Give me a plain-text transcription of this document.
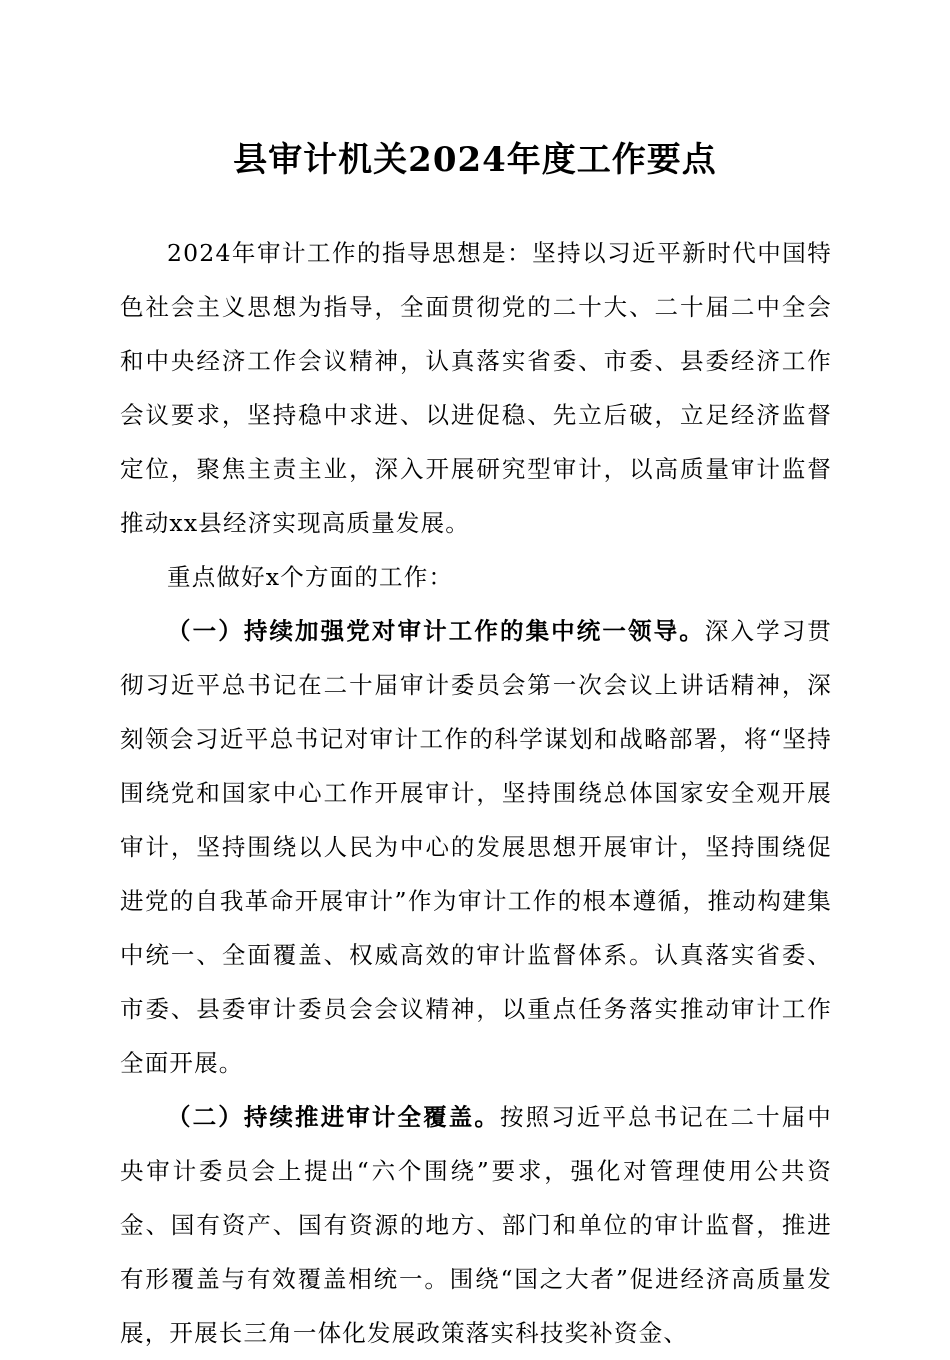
县审计机关2024年度工作要点

2024年审计工作的指导思想是：坚持以习近平新时代中国特色社会主义思想为指导，全面贯彻党的二十大、二十届二中全会和中央经济工作会议精神，认真落实省委、市委、县委经济工作会议要求，坚持稳中求进、以进促稳、先立后破，立足经济监督定位，聚焦主责主业，深入开展研究型审计，以高质量审计监督推动xx县经济实现高质量发展。

重点做好x个方面的工作：

（一）持续加强党对审计工作的集中统一领导。深入学习贯彻习近平总书记在二十届审计委员会第一次会议上讲话精神，深刻领会习近平总书记对审计工作的科学谋划和战略部署，将“坚持围绕党和国家中心工作开展审计，坚持围绕总体国家安全观开展审计，坚持围绕以人民为中心的发展思想开展审计，坚持围绕促进党的自我革命开展审计”作为审计工作的根本遵循，推动构建集中统一、全面覆盖、权威高效的审计监督体系。认真落实省委、市委、县委审计委员会会议精神，以重点任务落实推动审计工作全面开展。

（二）持续推进审计全覆盖。按照习近平总书记在二十届中央审计委员会上提出“六个围绕”要求，强化对管理使用公共资金、国有资产、国有资源的地方、部门和单位的审计监督，推进有形覆盖与有效覆盖相统一。围绕“国之大者”促进经济高质量发展，开展长三角一体化发展政策落实科技奖补资金、
